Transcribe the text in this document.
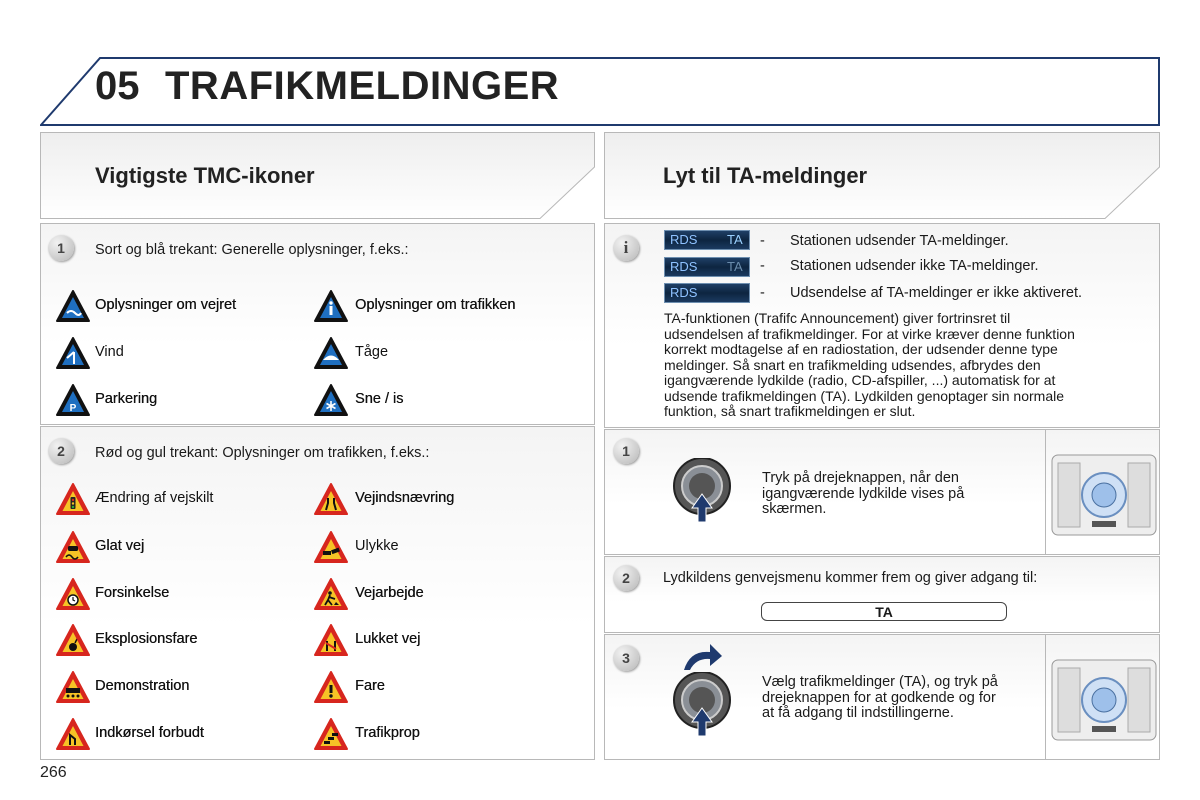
05 TRAFIKMELDINGER
Vigtigste TMC-ikoner	Lyt til TA-meldinger
1	Sort og blå trekant: Generelle oplysninger, f.eks.:
Oplysninger om vejret	Oplysninger om trafikken
Vind	Tåge
P
Parkering	Sne / is
2	Rød og gul trekant: Oplysninger om trafikken, f.eks.:
Ændring af vejskilt	Vejindsnævring
Glat vej	Ulykke
Forsinkelse	Vejarbejde
Eksplosionsfare	Lukket vej
Demonstration	Fare
Indkørsel forbudt	Trafikprop
i	RDS TA - Stationen udsender TA-meldinger.
RDS TA - Stationen udsender ikke TA-meldinger.
RDS	- Udsendelse af TA-meldinger er ikke aktiveret.
TA-funktionen (Trafifc Announcement) giver fortrinsret til
udsendelsen af trafikmeldinger. For at virke kræver denne funktion
korrekt modtagelse af en radiostation, der udsender denne type
meldinger. Så snart en trafikmelding udsendes, afbrydes den
igangværende lydkilde (radio, CD-afspiller, ...) automatisk for at
udsende trafikmeldingen (TA). Lydkilden genoptager sin normale
funktion, så snart trafikmeldingen er slut.
1
Tryk på drejeknappen, når den
igangværende lydkilde vises på
skærmen.
2	Lydkildens genvejsmenu kommer frem og giver adgang til:
TA
3
Vælg trafikmeldinger (TA), og tryk på
drejeknappen for at godkende og for
at få adgang til indstillingerne.
266
